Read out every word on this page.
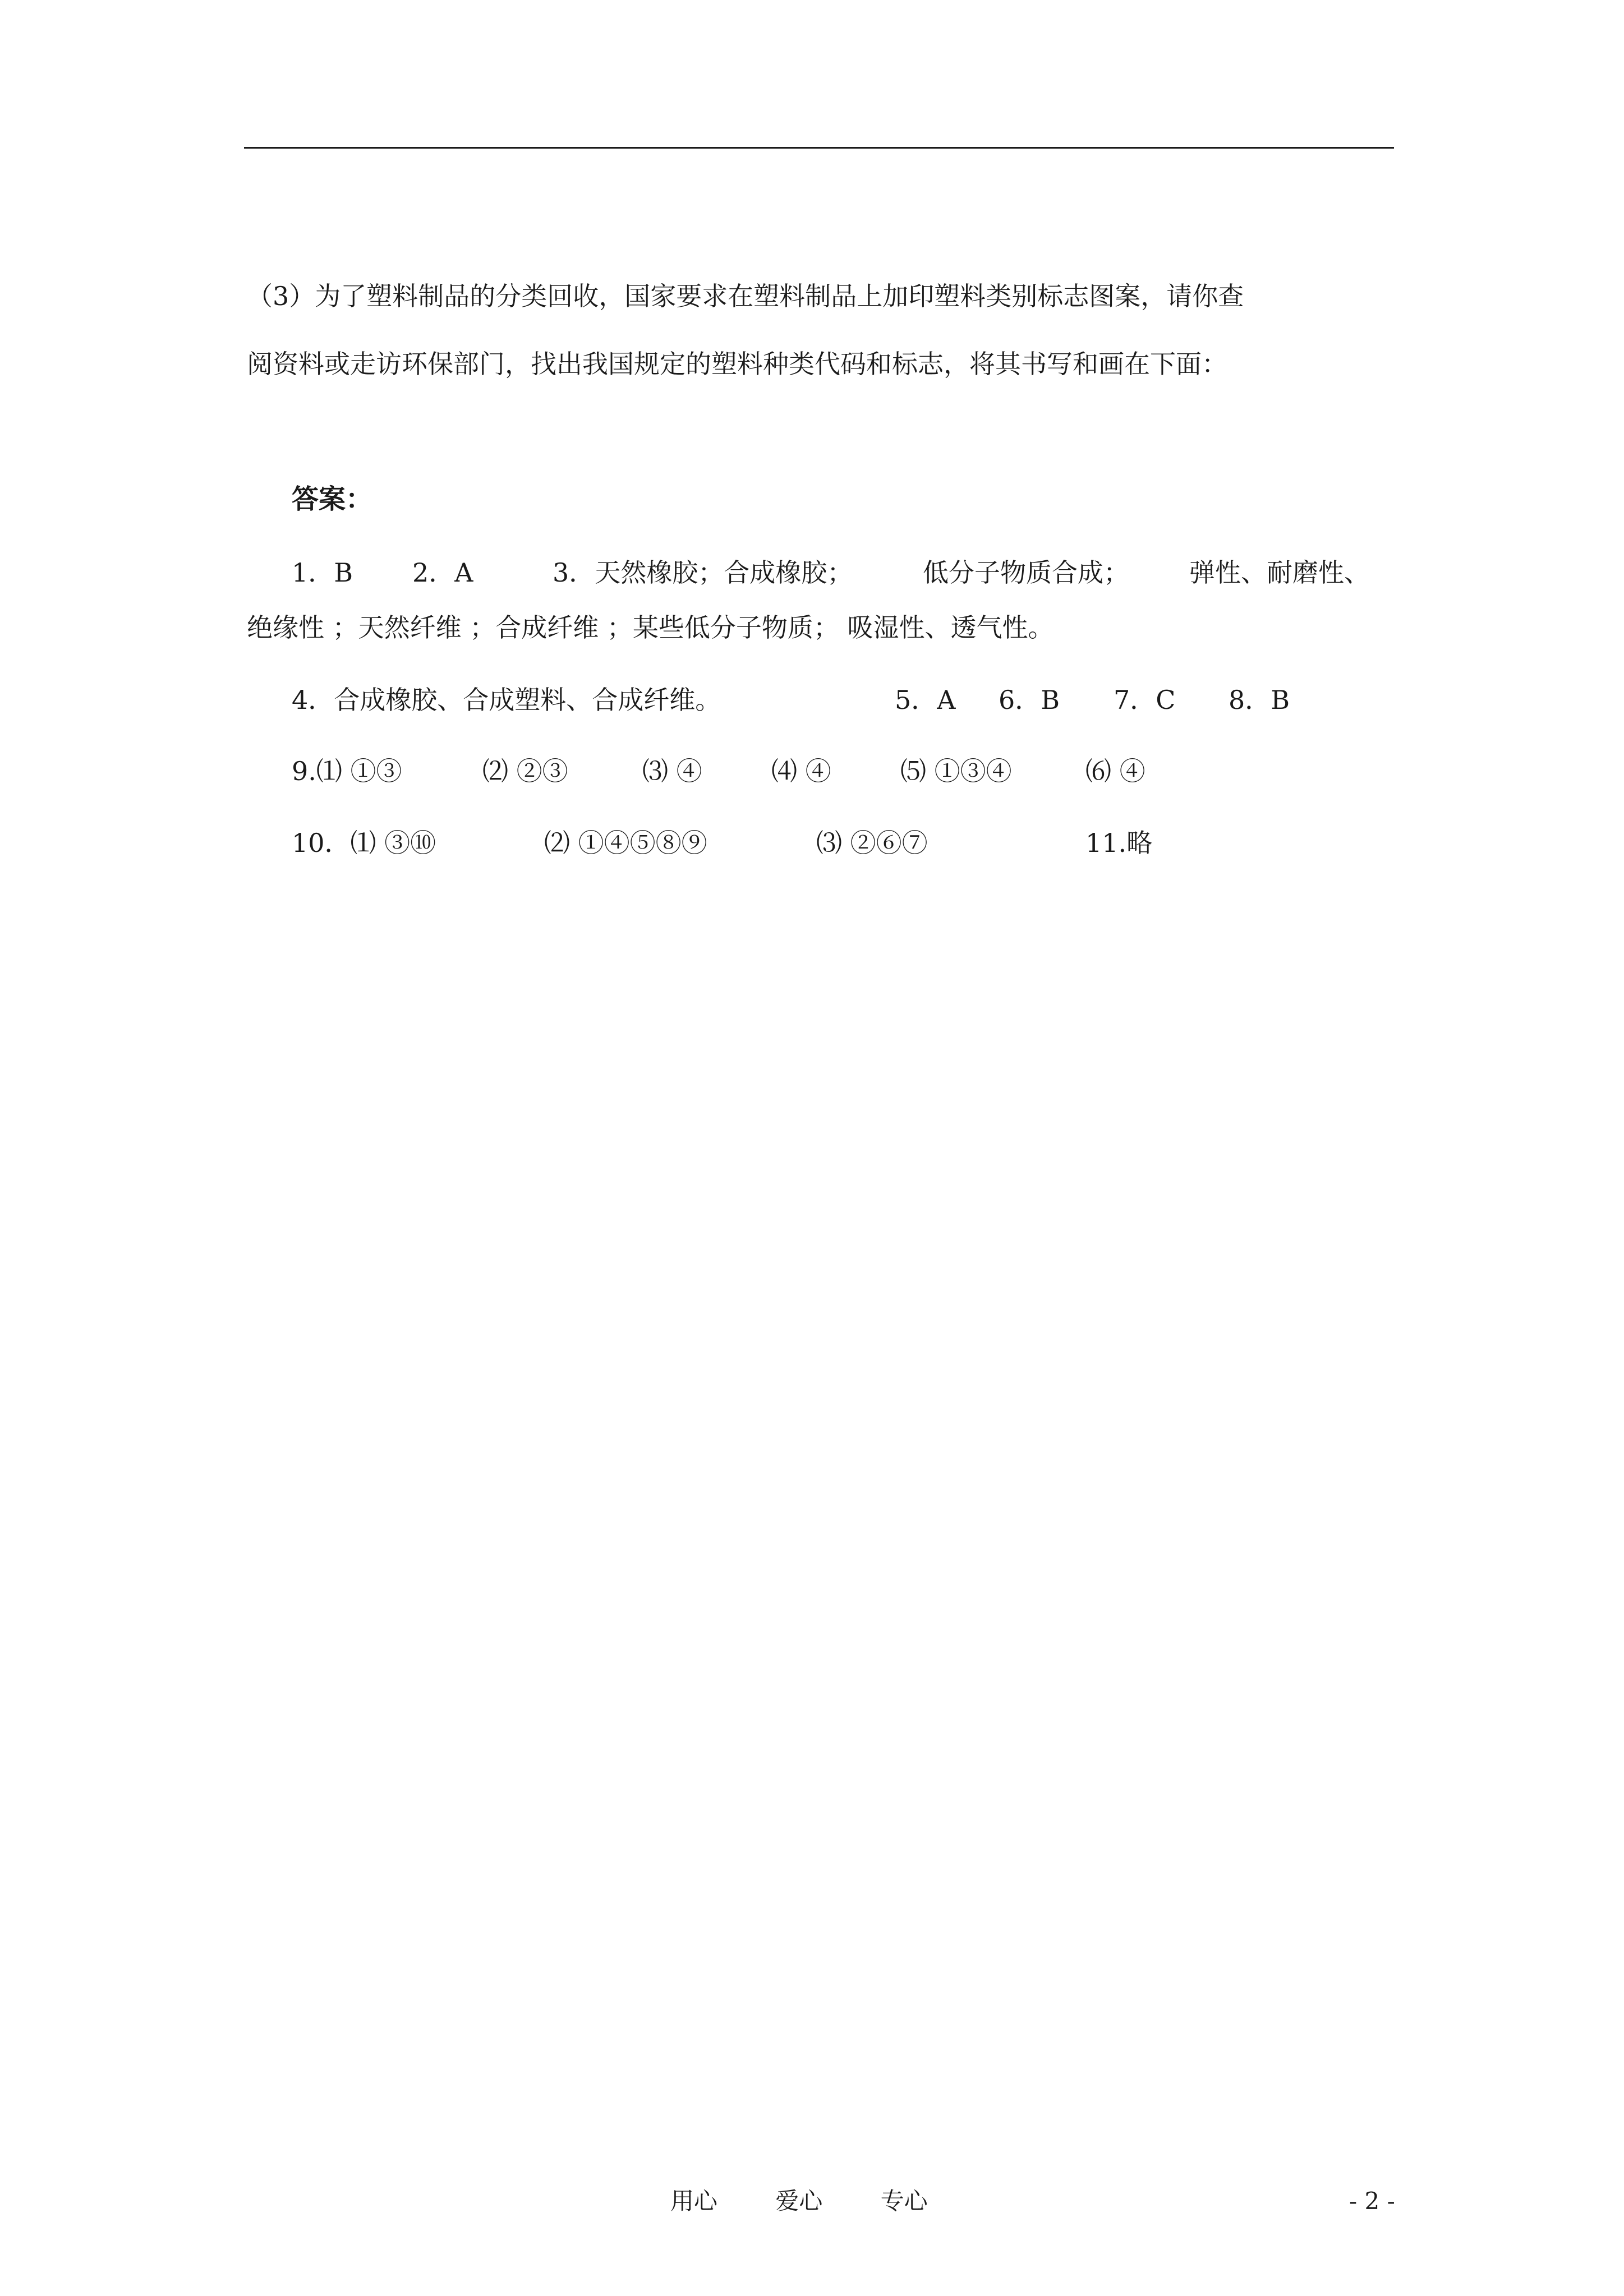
（3）为了塑料制品的分类回收，国家要求在塑料制品上加印塑料类别标志图案，请你查
阅资料或走访环保部门，找出我国规定的塑料种类代码和标志，将其书写和画在下面：
答案：
1．B 2．A	3．天然橡胶；合成橡胶；	低分子物质合成； 弹性、耐磨性、
绝缘性 ；天然纤维 ；合成纤维 ；某些低分子物质； 吸湿性、透气性。
4．合成橡胶、合成塑料、合成纤维。	5．A 6．B 7．C 8．B
9.⑴ ①③	⑵ ②③	⑶ ④	⑷ ④	⑸ ①③④	⑹ ④
10．⑴ ③⑩	⑵ ①④⑤⑧⑨	⑶ ②⑥⑦	11.略
用心 爱心 专心	- 2 -
